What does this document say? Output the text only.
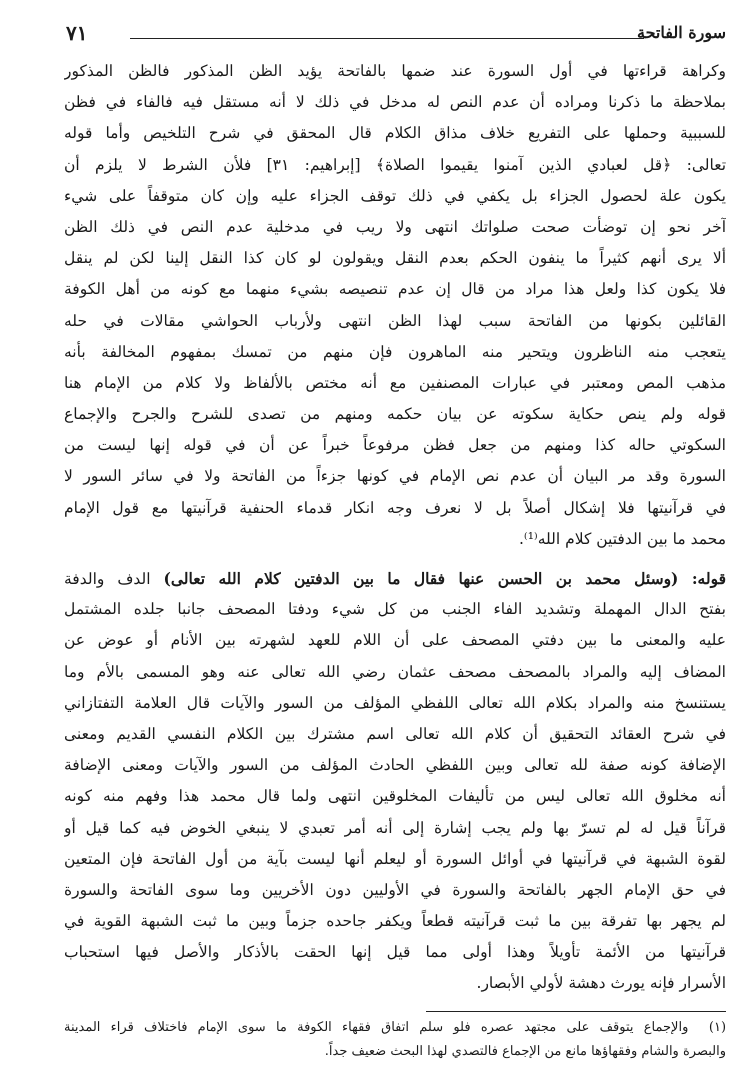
سورة الفاتحة
٧١
وكراهة قراءتها في أول السورة عند ضمها بالفاتحة يؤيد الظن المذكور فالظن المذكور
بملاحظة ما ذكرنا ومراده أن عدم النص له مدخل في ذلك لا أنه مستقل فيه فالفاء في فظن
للسببية وحملها على التفريع خلاف مذاق الكلام قال المحقق في شرح التلخيص وأما قوله
تعالى: ﴿قل لعبادي الذين آمنوا يقيموا الصلاة﴾ [إبراهيم: ٣١] فلأن الشرط لا يلزم أن
يكون علة لحصول الجزاء بل يكفي في ذلك توقف الجزاء عليه وإن كان متوقفاً على شيء
آخر نحو إن توضأت صحت صلواتك انتهى ولا ريب في مدخلية عدم النص في ذلك الظن
ألا يرى أنهم كثيراً ما ينفون الحكم بعدم النقل ويقولون لو كان كذا النقل إلينا لكن لم ينقل
فلا يكون كذا ولعل هذا مراد من قال إن عدم تنصيصه بشيء منهما مع كونه من أهل الكوفة
القائلين بكونها من الفاتحة سبب لهذا الظن انتهى ولأرباب الحواشي مقالات في حله
يتعجب منه الناظرون ويتحير منه الماهرون فإن منهم من تمسك بمفهوم المخالفة بأنه
مذهب المص ومعتبر في عبارات المصنفين مع أنه مختص بالألفاظ ولا كلام من الإمام هنا
قوله ولم ينص حكاية سكوته عن بيان حكمه ومنهم من تصدى للشرح والجرح والإجماع
السكوتي حاله كذا ومنهم من جعل فظن مرفوعاً خبراً عن أن في قوله إنها ليست من
السورة وقد مر البيان أن عدم نص الإمام في كونها جزءاً من الفاتحة ولا في سائر السور لا
في قرآنيتها فلا إشكال أصلاً بل لا نعرف وجه انكار قدماء الحنفية قرآنيتها مع قول الإمام
محمد ما بين الدفتين كلام الله⁽¹⁾.
قوله: (وسئل محمد بن الحسن عنها فقال ما بين الدفتين كلام الله تعالى) الدف والدفة
بفتح الدال المهملة وتشديد الفاء الجنب من كل شيء ودفتا المصحف جانبا جلده المشتمل
عليه والمعنى ما بين دفتي المصحف على أن اللام للعهد لشهرته بين الأنام أو عوض عن
المضاف إليه والمراد بالمصحف مصحف عثمان رضي الله تعالى عنه وهو المسمى بالأم وما
يستنسخ منه والمراد بكلام الله تعالى اللفظي المؤلف من السور والآيات قال العلامة التفتازاني
في شرح العقائد التحقيق أن كلام الله تعالى اسم مشترك بين الكلام النفسي القديم ومعنى
الإضافة كونه صفة لله تعالى وبين اللفظي الحادث المؤلف من السور والآيات ومعنى الإضافة
أنه مخلوق الله تعالى ليس من تأليفات المخلوقين انتهى ولما قال محمد هذا وفهم منه كونه
قرآناً قيل له لم تسرّ بها ولم يجب إشارة إلى أنه أمر تعبدي لا ينبغي الخوض فيه كما قيل أو
لقوة الشبهة في قرآنيتها في أوائل السورة أو ليعلم أنها ليست بآية من أول الفاتحة فإن المتعين
في حق الإمام الجهر بالفاتحة والسورة في الأوليين دون الأخريين وما سوى الفاتحة والسورة
لم يجهر بها تفرقة بين ما ثبت قرآنيته قطعاً ويكفر جاحده جزماً وبين ما ثبت الشبهة القوية في
قرآنيتها من الأئمة تأويلاً وهذا أولى مما قيل إنها الحقت بالأذكار والأصل فيها استحباب
الأسرار فإنه يورث دهشة لأولي الأبصار.
(١)  والإجماع يتوقف على مجتهد عصره فلو سلم اتفاق فقهاء الكوفة ما سوى الإمام فاختلاف قراء المدينة
والبصرة والشام وفقهاؤها مانع من الإجماع فالتصدي لهذا البحث ضعيف جداً.
